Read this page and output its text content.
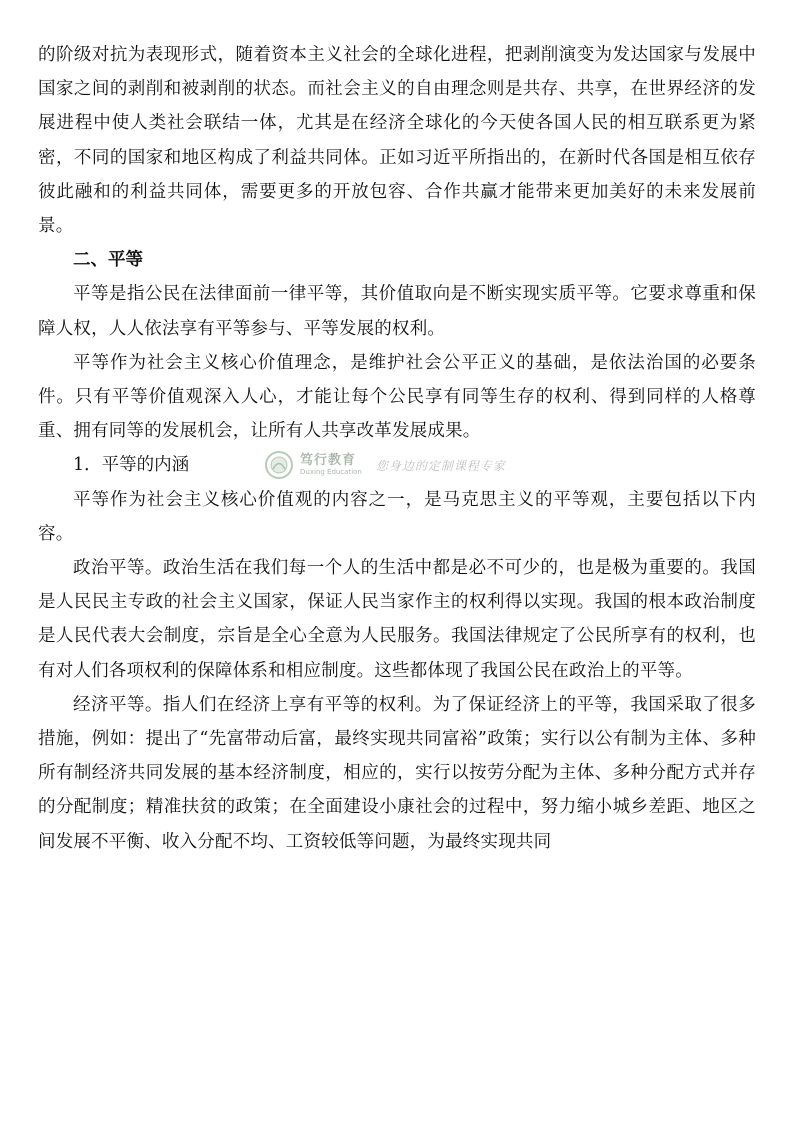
的阶级对抗为表现形式，随着资本主义社会的全球化进程，把剥削演变为发达国家与发展中国家之间的剥削和被剥削的状态。而社会主义的自由理念则是共存、共享，在世界经济的发展进程中使人类社会联结一体，尤其是在经济全球化的今天使各国人民的相互联系更为紧密，不同的国家和地区构成了利益共同体。正如习近平所指出的，在新时代各国是相互依存彼此融和的利益共同体，需要更多的开放包容、合作共赢才能带来更加美好的未来发展前景。

二、平等

平等是指公民在法律面前一律平等，其价值取向是不断实现实质平等。它要求尊重和保障人权，人人依法享有平等参与、平等发展的权利。

平等作为社会主义核心价值理念，是维护社会公平正义的基础，是依法治国的必要条件。只有平等价值观深入人心，才能让每个公民享有同等生存的权利、得到同样的人格尊重、拥有同等的发展机会，让所有人共享改革发展成果。

1．平等的内涵	笃行教育
Duxing Education 您身边的定制课程专家

平等作为社会主义核心价值观的内容之一，是马克思主义的平等观，主要包括以下内容。

政治平等。政治生活在我们每一个人的生活中都是必不可少的，也是极为重要的。我国是人民民主专政的社会主义国家，保证人民当家作主的权利得以实现。我国的根本政治制度是人民代表大会制度，宗旨是全心全意为人民服务。我国法律规定了公民所享有的权利，也有对人们各项权利的保障体系和相应制度。这些都体现了我国公民在政治上的平等。

经济平等。指人们在经济上享有平等的权利。为了保证经济上的平等，我国采取了很多措施，例如：提出了“先富带动后富，最终实现共同富裕”政策；实行以公有制为主体、多种所有制经济共同发展的基本经济制度，相应的，实行以按劳分配为主体、多种分配方式并存的分配制度；精准扶贫的政策；在全面建设小康社会的过程中，努力缩小城乡差距、地区之间发展不平衡、收入分配不均、工资较低等问题，为最终实现共同
